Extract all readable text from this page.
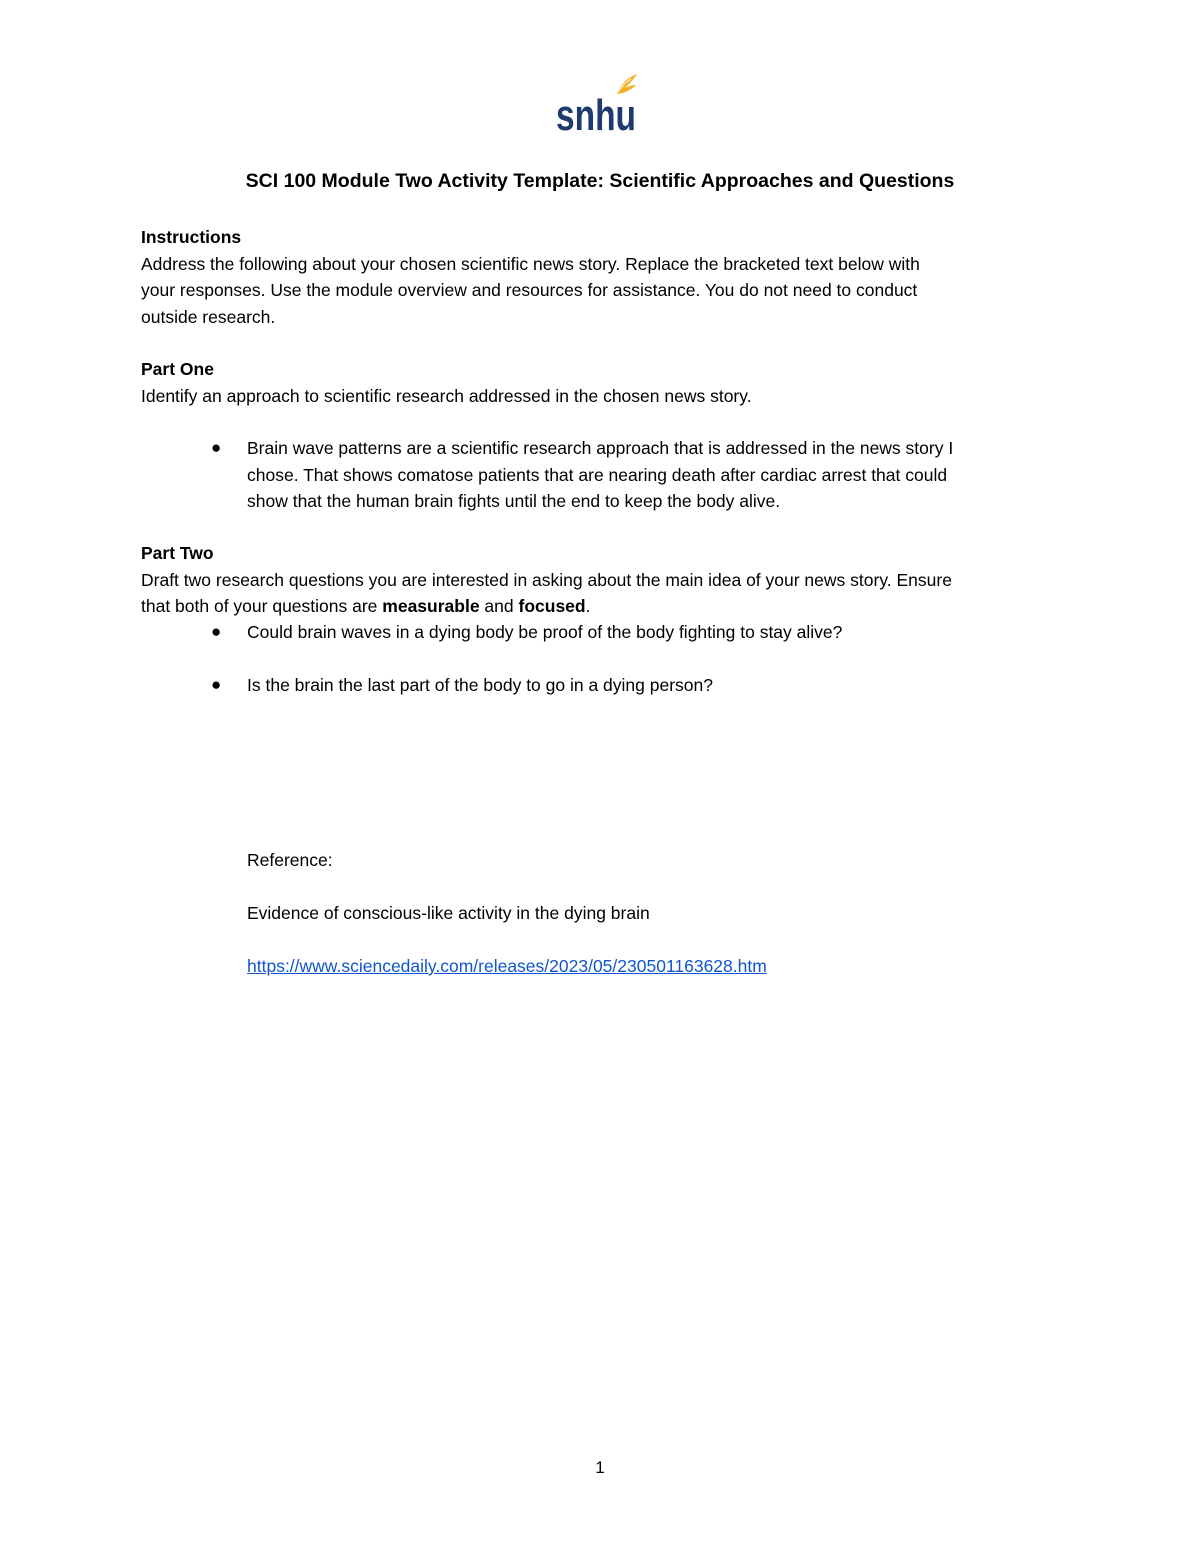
snhu
SCI 100 Module Two Activity Template: Scientific Approaches and Questions

Instructions

Address the following about your chosen scientific news story. Replace the bracketed text below with

your responses. Use the module overview and resources for assistance. You do not need to conduct

outside research.

Part One

Identify an approach to scientific research addressed in the chosen news story.

● Brain wave patterns are a scientific research approach that is addressed in the news story I
chose. That shows comatose patients that are nearing death after cardiac arrest that could
show that the human brain fights until the end to keep the body alive.

Part Two

Draft two research questions you are interested in asking about the main idea of your news story. Ensure

that both of your questions are measurable and focused.

● Could brain waves in a dying body be proof of the body fighting to stay alive?
● Is the brain the last part of the body to go in a dying person?

Reference:

Evidence of conscious-like activity in the dying brain

https://www.sciencedaily.com/releases/2023/05/230501163628.htm

1
